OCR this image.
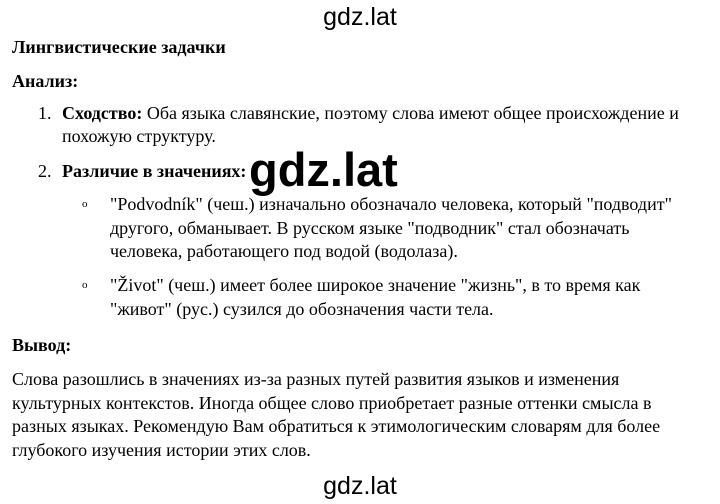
gdz.lat
Лингвистические задачки
Анализ:
1. Сходство: Оба языка славянские, поэтому слова имеют общее происхождение и похожую структуру.
2. Различие в значениях:
o "Podvodník" (чеш.) изначально обозначало человека, который "подводит" другого, обманывает. В русском языке "подводник" стал обозначать человека, работающего под водой (водолаза).
o "Život" (чеш.) имеет более широкое значение "жизнь", в то время как "живот" (рус.) сузился до обозначения части тела.
Вывод:
Слова разошлись в значениях из-за разных путей развития языков и изменения культурных контекстов. Иногда общее слово приобретает разные оттенки смысла в разных языках. Рекомендую Вам обратиться к этимологическим словарям для более глубокого изучения истории этих слов.
gdz.lat
gdz.lat
